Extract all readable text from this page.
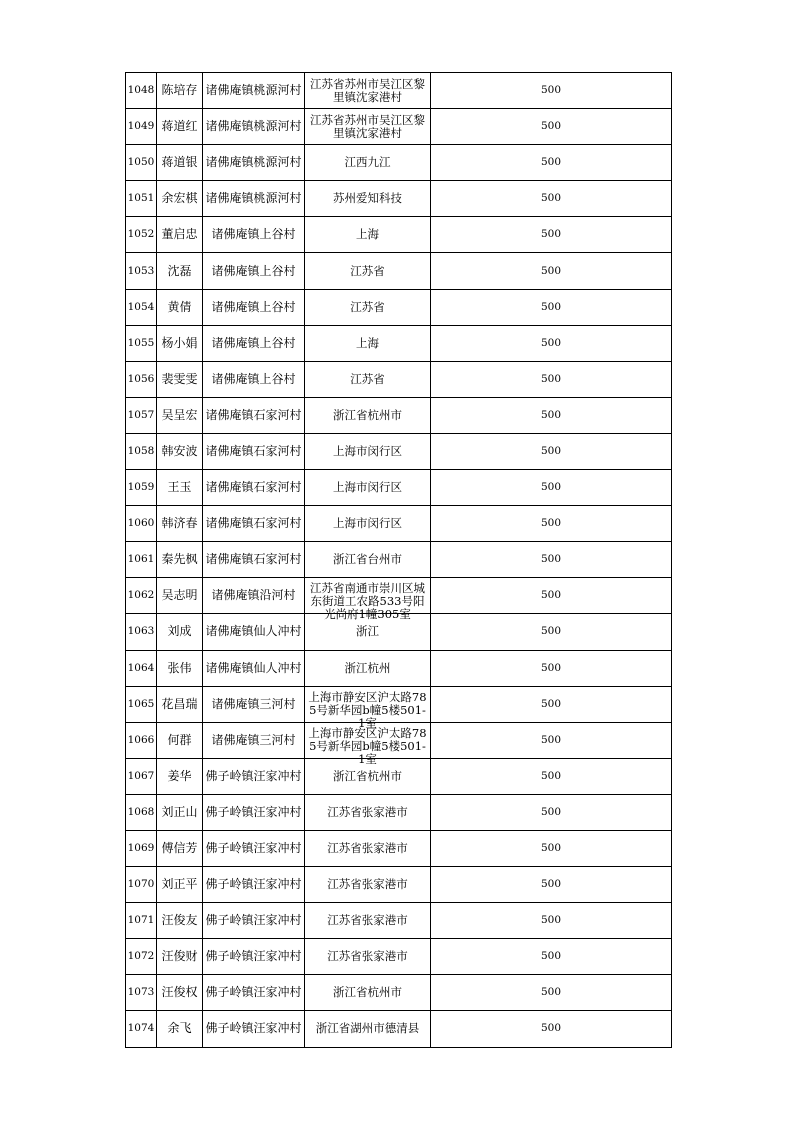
1048	陈培存	诸佛庵镇桃源河村	江苏省苏州市吴江区黎里镇沈家港村	500
1049	蒋道红	诸佛庵镇桃源河村	江苏省苏州市吴江区黎里镇沈家港村	500
1050	蒋道银	诸佛庵镇桃源河村	江西九江	500
1051	余宏棋	诸佛庵镇桃源河村	苏州爱知科技	500
1052	董启忠	诸佛庵镇上谷村	上海	500
1053	沈磊	诸佛庵镇上谷村	江苏省	500
1054	黄倩	诸佛庵镇上谷村	江苏省	500
1055	杨小娟	诸佛庵镇上谷村	上海	500
1056	裴雯雯	诸佛庵镇上谷村	江苏省	500
1057	吴呈宏	诸佛庵镇石家河村	浙江省杭州市	500
1058	韩安波	诸佛庵镇石家河村	上海市闵行区	500
1059	王玉	诸佛庵镇石家河村	上海市闵行区	500
1060	韩济春	诸佛庵镇石家河村	上海市闵行区	500
1061	秦先枫	诸佛庵镇石家河村	浙江省台州市	500
1062	吴志明	诸佛庵镇沿河村	江苏省南通市崇川区城东街道工农路533号阳光尚府1幢305室	500
1063	刘成	诸佛庵镇仙人冲村	浙江	500
1064	张伟	诸佛庵镇仙人冲村	浙江杭州	500
1065	花昌瑞	诸佛庵镇三河村	上海市静安区沪太路785号新华园b幢5楼501-1室	500
1066	何群	诸佛庵镇三河村	上海市静安区沪太路785号新华园b幢5楼501-1室	500
1067	姜华	佛子岭镇汪家冲村	浙江省杭州市	500
1068	刘正山	佛子岭镇汪家冲村	江苏省张家港市	500
1069	傅信芳	佛子岭镇汪家冲村	江苏省张家港市	500
1070	刘正平	佛子岭镇汪家冲村	江苏省张家港市	500
1071	汪俊友	佛子岭镇汪家冲村	江苏省张家港市	500
1072	汪俊财	佛子岭镇汪家冲村	江苏省张家港市	500
1073	汪俊权	佛子岭镇汪家冲村	浙江省杭州市	500
1074	余飞	佛子岭镇汪家冲村	浙江省湖州市德清县	500
